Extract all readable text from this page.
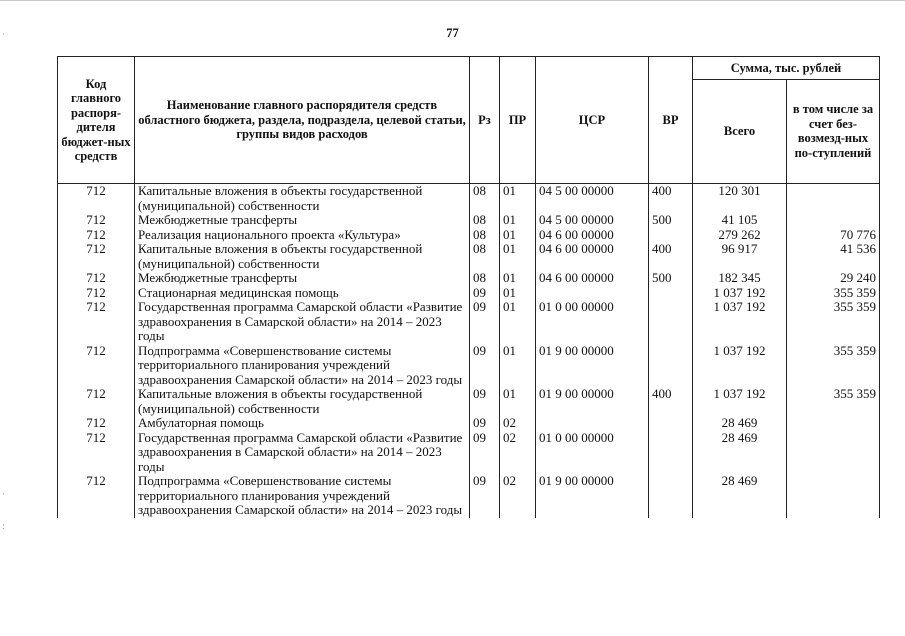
·
·
:
77
Код главного распоря-дителя бюджет-ных средств	Наименование главного распорядителя средств областного бюджета, раздела, подраздела, целевой статьи, группы видов расходов	Рз	ПР	ЦСР	ВР	Сумма, тыс. рублей	
						Всего	в том числе за счет без-возмезд-ных по-ступлений
712	Капитальные вложения в объекты государственной (муниципальной) собственности	08	01	04 5 00 00000	400	120 301	
712	Межбюджетные трансферты	08	01	04 5 00 00000	500	41 105	
712	Реализация национального проекта «Культура»	08	01	04 6 00 00000		279 262	70 776
712	Капитальные вложения в объекты государственной (муниципальной) собственности	08	01	04 6 00 00000	400	96 917	41 536
712	Межбюджетные трансферты	08	01	04 6 00 00000	500	182 345	29 240
712	Стационарная медицинская помощь	09	01			1 037 192	355 359
712	Государственная программа Самарской области «Развитие здравоохранения в Самарской области» на 2014 – 2023 годы	09	01	01 0 00 00000		1 037 192	355 359
712	Подпрограмма «Совершенствование системы территориального планирования учреждений здравоохранения Самарской области» на 2014 – 2023 годы	09	01	01 9 00 00000		1 037 192	355 359
712	Капитальные вложения в объекты государственной (муниципальной) собственности	09	01	01 9 00 00000	400	1 037 192	355 359
712	Амбулаторная помощь	09	02			28 469	
712	Государственная программа Самарской области «Развитие здравоохранения в Самарской области» на 2014 – 2023 годы	09	02	01 0 00 00000		28 469	
712	Подпрограмма «Совершенствование системы территориального планирования учреждений здравоохранения Самарской области» на 2014 – 2023 годы	09	02	01 9 00 00000		28 469	
